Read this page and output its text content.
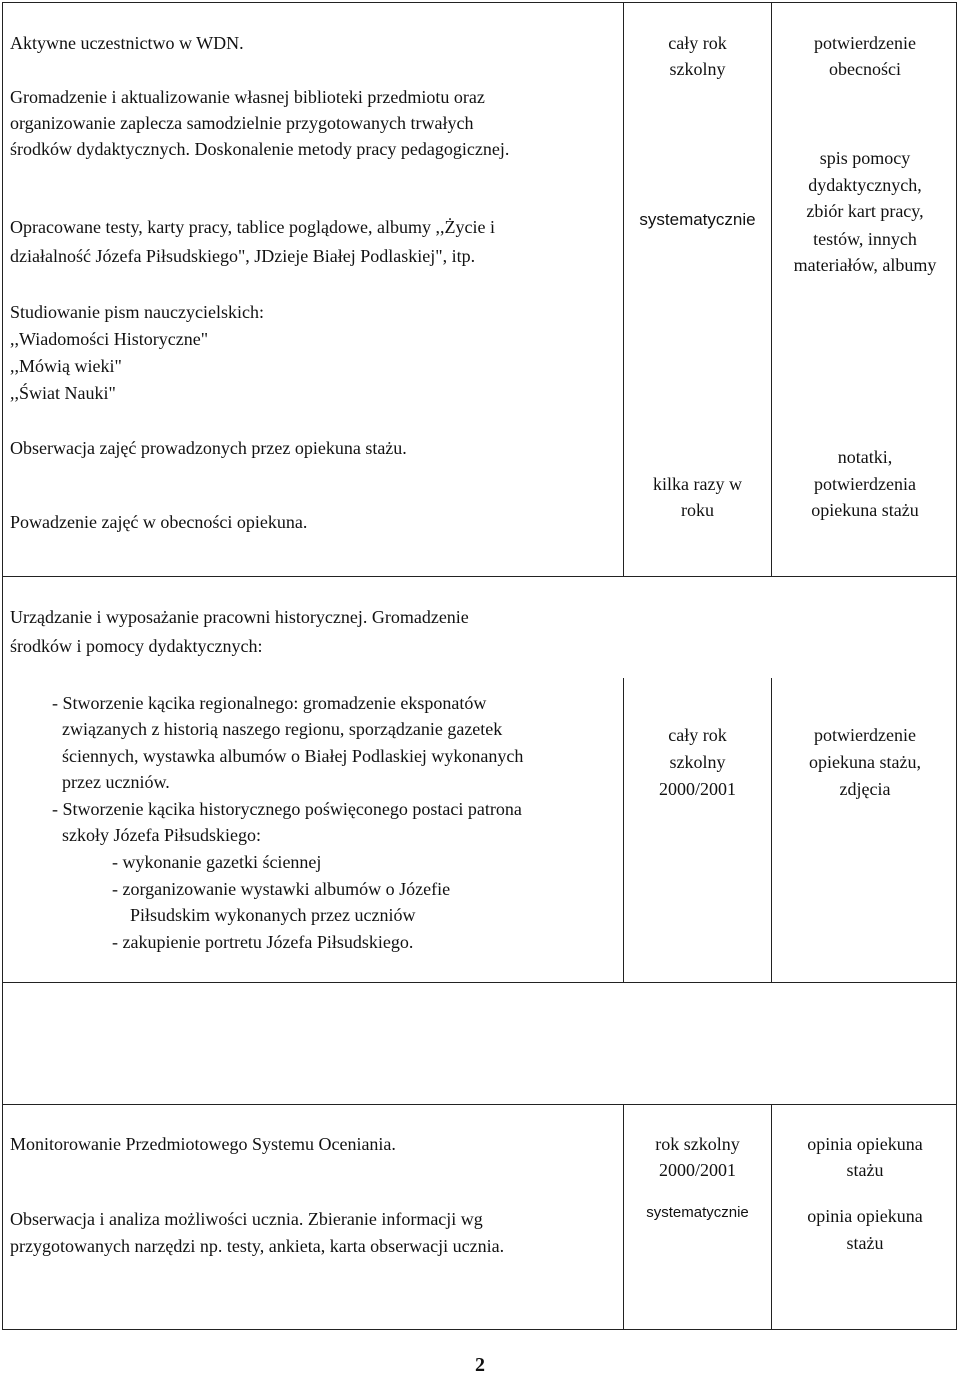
Aktywne uczestnictwo w WDN.
Gromadzenie i aktualizowanie własnej biblioteki przedmiotu oraz
organizowanie zaplecza samodzielnie przygotowanych trwałych
środków dydaktycznych. Doskonalenie metody pracy pedagogicznej.
Opracowane testy, karty pracy, tablice poglądowe, albumy ,,Życie i
działalność Józefa Piłsudskiego", JDzieje Białej Podlaskiej", itp.
Studiowanie pism nauczycielskich:
,,Wiadomości Historyczne"
,,Mówią wieki"
,,Świat Nauki"
Obserwacja zajęć prowadzonych przez opiekuna stażu.
Powadzenie zajęć w obecności opiekuna.
cały rok
szkolny
systematycznie
kilka razy w
roku
potwierdzenie
obecności
spis pomocy
dydaktycznych,
zbiór kart pracy,
testów, innych
materiałów, albumy
notatki,
potwierdzenia
opiekuna stażu
Urządzanie i wyposażanie pracowni historycznej. Gromadzenie
środków i pomocy dydaktycznych:
- Stworzenie kącika regionalnego: gromadzenie eksponatów
związanych z historią naszego regionu, sporządzanie gazetek
ściennych, wystawka albumów o Białej Podlaskiej wykonanych
przez uczniów.
- Stworzenie kącika historycznego poświęconego postaci patrona
szkoły Józefa Piłsudskiego:
- wykonanie gazetki ściennej
- zorganizowanie wystawki albumów o Józefie
Piłsudskim wykonanych przez uczniów
- zakupienie portretu Józefa Piłsudskiego.
cały rok
szkolny
2000/2001
potwierdzenie
opiekuna stażu,
zdjęcia
Monitorowanie Przedmiotowego Systemu Oceniania.	rok szkolny
2000/2001
opinia opiekuna
stażu
Obserwacja i analiza możliwości ucznia. Zbieranie informacji wg
przygotowanych narzędzi np. testy, ankieta, karta obserwacji ucznia.
systematycznie	opinia opiekuna
stażu
2
